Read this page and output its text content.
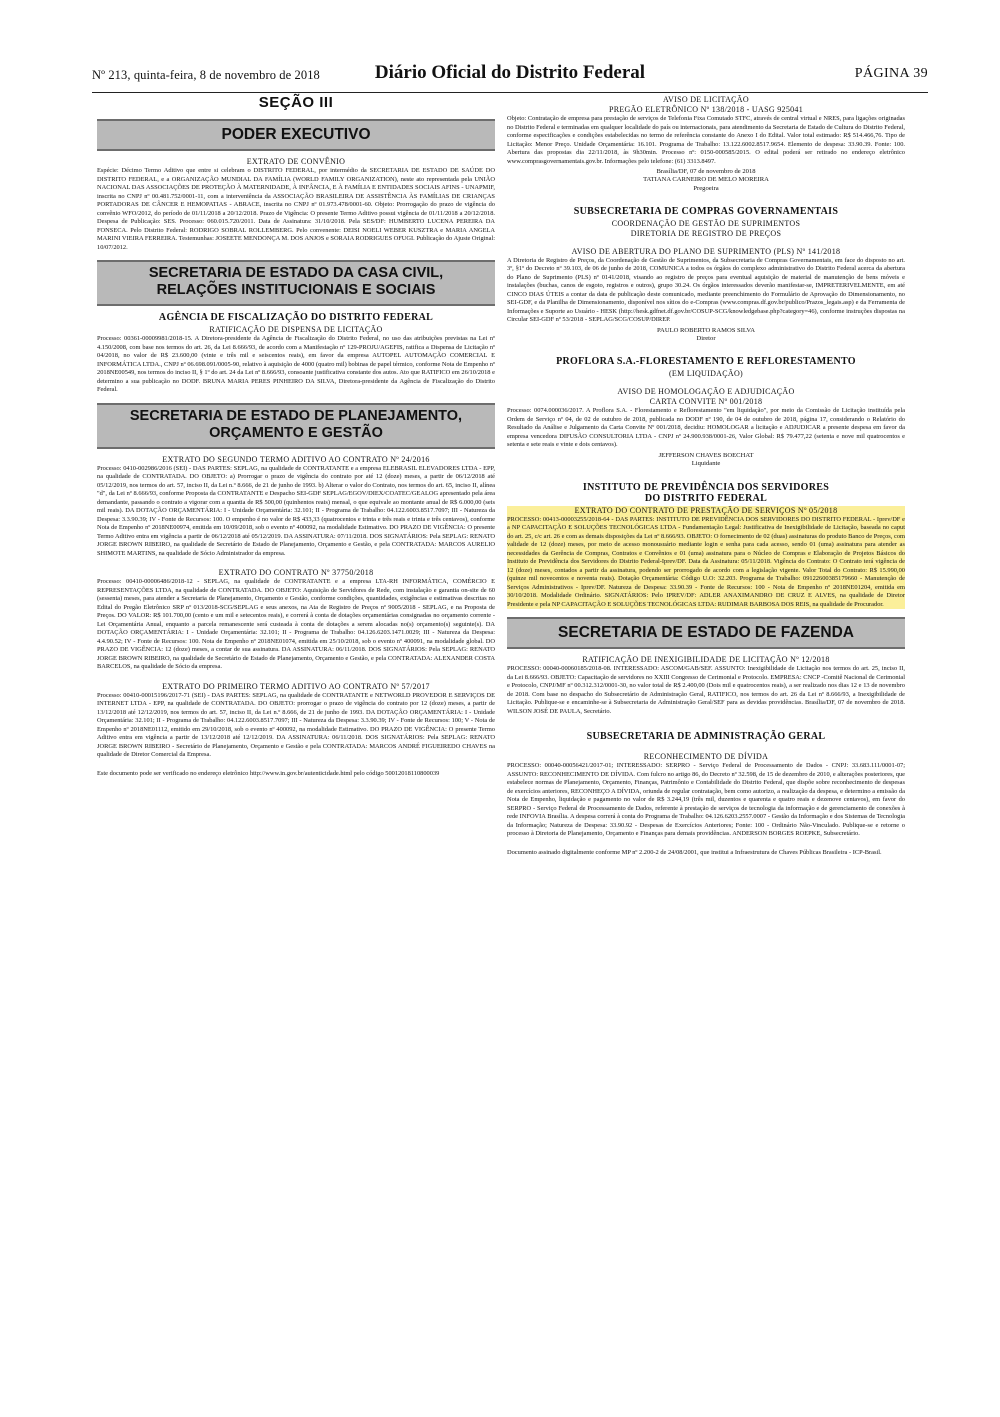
Nº 213, quinta-feira, 8 de novembro de 2018	Diário Oficial do Distrito Federal	PÁGINA 39
SEÇÃO III
PODER EXECUTIVO
EXTRATO DE CONVÊNIO

Espécie: Décimo Termo Aditivo que entre si celebram o DISTRITO FEDERAL, por intermédio da SECRETARIA DE ESTADO DE SAÚDE DO DISTRITO FEDERAL, e a ORGANIZAÇÃO MUNDIAL DA FAMÍLIA (WORLD FAMILY ORGANIZATION), neste ato representada pela UNIÃO NACIONAL DAS ASSOCIAÇÕES DE PROTEÇÃO À MATERNIDADE, À INFÂNCIA, E À FAMÍLIA E ENTIDADES SOCIAIS AFINS - UNAPMIF, inscrita no CNPJ nº 00.481.752/0001-11, com a interveniência da ASSOCIAÇÃO BRASILEIRA DE ASSISTÊNCIA ÀS FAMÍLIAS DE CRIANÇAS PORTADORAS DE CÂNCER E HEMOPATIAS - ABRACE, inscrita no CNPJ nº 01.973.478/0001-60. Objeto: Prorrogação do prazo de vigência do convênio WFO/2012, do período de 01/11/2018 a 20/12/2018. Prazo de Vigência: O presente Termo Aditivo possui vigência de 01/11/2018 a 20/12/2018. Despesa de Publicação: SES. Processo: 060.015.720/2011. Data de Assinatura: 31/10/2018. Pela SES/DF: HUMBERTO LUCENA PEREIRA DA FONSECA. Pelo Distrito Federal: RODRIGO SOBRAL ROLLEMBERG. Pelo convenente: DEISI NOELI WEBER KUSZTRA e MARIA ANGELA MARINI VIEIRA FERREIRA. Testemunhas: JOSEETE MENDONÇA M. DOS ANJOS e SORAIA RODRIGUES OFUGI. Publicação do Ajuste Original: 10/07/2012.

SECRETARIA DE ESTADO DA CASA CIVIL,
RELAÇÕES INSTITUCIONAIS E SOCIAIS
AGÊNCIA DE FISCALIZAÇÃO DO DISTRITO FEDERAL
RATIFICAÇÃO DE DISPENSA DE LICITAÇÃO

Processo: 00361-00009981/2018-15. A Diretora-presidente da Agência de Fiscalização do Distrito Federal, no uso das atribuições previstas na Lei nº 4.150/2008, com base nos termos do art. 26, da Lei 8.666/93, de acordo com a Manifestação nº 129-PROJU/AGEFIS, ratifica a Dispensa de Licitação nº 04/2018, no valor de R$ 23.600,00 (vinte e três mil e seiscentos reais), em favor da empresa AUTOPEL AUTOMAÇÃO COMERCIAL E INFORMÁTICA LTDA., CNPJ nº 06.698.091/0005-90, relativo à aquisição de 4000 (quatro mil) bobinas de papel térmico, conforme Nota de Empenho nº 2018NE00549, nos termos do inciso II, § 1º do art. 24 da Lei nº 8.666/93, consoante justificativa constante dos autos. Ato que RATIFICO em 26/10/2018 e determino a sua publicação no DODF. BRUNA MARIA PERES PINHEIRO DA SILVA, Diretora-presidente da Agência de Fiscalização do Distrito Federal.

SECRETARIA DE ESTADO DE PLANEJAMENTO,
ORÇAMENTO E GESTÃO
EXTRATO DO SEGUNDO TERMO ADITIVO AO CONTRATO Nº 24/2016

Processo: 0410-002986/2016 (SEI) - DAS PARTES: SEPLAG, na qualidade de CONTRATANTE e a empresa ELEBRASIL ELEVADORES LTDA - EPP, na qualidade de CONTRATADA. DO OBJETO: a) Prorrogar o prazo de vigência do contrato por até 12 (doze) meses, a partir de 06/12/2018 até 05/12/2019, nos termos do art. 57, inciso II, da Lei n.º 8.666, de 21 de junho de 1993. b) Alterar o valor do Contrato, nos termos do art. 65, inciso II, alínea "d", da Lei nº 8.666/93, conforme Proposta da CONTRATANTE e Despacho SEI-GDF SEPLAG/EGOV/DIEX/COATEC/GEALOG apresentado pela área demandante, passando o contrato a vigorar com a quantia de R$ 500,00 (quinhentos reais) mensal, o que equivale ao montante anual de R$ 6.000,00 (seis mil reais). DA DOTAÇÃO ORÇAMENTÁRIA: I - Unidade Orçamentária: 32.101; II - Programa de Trabalho: 04.122.6003.8517.7097; III - Natureza da Despesa: 3.3.90.39; IV - Fonte de Recursos: 100. O empenho é no valor de R$ 433,33 (quatrocentos e trinta e três reais e trinta e três centavos), conforme Nota de Empenho nº 2018NE00974, emitida em 10/09/2018, sob o evento nº 400092, na modalidade Estimativo. DO PRAZO DE VIGÊNCIA: O presente Termo Aditivo entra em vigência a partir de 06/12/2018 até 05/12/2019. DA ASSINATURA: 07/11/2018. DOS SIGNATÁRIOS: Pela SEPLAG: RENATO JORGE BROWN RIBEIRO, na qualidade de Secretário de Estado de Planejamento, Orçamento e Gestão, e pela CONTRATADA: MARCOS AURELIO SHIMOTE MARTINS, na qualidade de Sócio Administrador da empresa.

EXTRATO DO CONTRATO Nº 37750/2018

Processo: 00410-00006486/2018-12 - SEPLAG, na qualidade de CONTRATANTE e a empresa LTA-RH INFORMÁTICA, COMÉRCIO E REPRESENTAÇÕES LTDA, na qualidade de CONTRATADA. DO OBJETO: Aquisição de Servidores de Rede, com instalação e garantia on-site de 60 (sessenta) meses, para atender a Secretaria de Planejamento, Orçamento e Gestão, conforme condições, quantidades, exigências e estimativas descritas no Edital do Pregão Eletrônico SRP nº 013/2018-SCG/SEPLAG e seus anexos, na Ata de Registro de Preços nº 9005/2018 - SEPLAG, e na Proposta de Preços. DO VALOR: R$ 101.700,00 (cento e um mil e setecentos reais), e correrá à conta de dotações orçamentárias consignadas no orçamento corrente - Lei Orçamentária Anual, enquanto a parcela remanescente será custeada à conta de dotações a serem alocadas no(s) orçamento(s) seguinte(s). DA DOTAÇÃO ORÇAMENTÁRIA: I - Unidade Orçamentária: 32.101; II - Programa de Trabalho: 04.126.6203.1471.0029; III - Natureza da Despesa: 4.4.90.52; IV - Fonte de Recursos: 100. Nota de Empenho nº 2018NE01074, emitida em 25/10/2018, sob o evento nº 400091, na modalidade global. DO PRAZO DE VIGÊNCIA: 12 (doze) meses, a contar de sua assinatura. DA ASSINATURA: 06/11/2018. DOS SIGNATÁRIOS: Pela SEPLAG: RENATO JORGE BROWN RIBEIRO, na qualidade de Secretário de Estado de Planejamento, Orçamento e Gestão, e pela CONTRATADA: ALEXANDER COSTA BARCELOS, na qualidade de Sócio da empresa.

EXTRATO DO PRIMEIRO TERMO ADITIVO AO CONTRATO Nº 57/2017

Processo: 00410-00015196/2017-71 (SEI) - DAS PARTES: SEPLAG, na qualidade de CONTRATANTE e NETWORLD PROVEDOR E SERVIÇOS DE INTERNET LTDA - EPP, na qualidade de CONTRATADA. DO OBJETO: prorrogar o prazo de vigência do contrato por 12 (doze) meses, a partir de 13/12/2018 até 12/12/2019, nos termos do art. 57, inciso II, da Lei n.º 8.666, de 21 de junho de 1993. DA DOTAÇÃO ORÇAMENTÁRIA: I - Unidade Orçamentária: 32.101; II - Programa de Trabalho: 04.122.6003.8517.7097; III - Natureza da Despesa: 3.3.90.39; IV - Fonte de Recursos: 100; V - Nota de Empenho nº 2018NE01112, emitido em 29/10/2018, sob o evento nº 400092, na modalidade Estimativo. DO PRAZO DE VIGÊNCIA: O presente Termo Aditivo entra em vigência a partir de 13/12/2018 até 12/12/2019. DA ASSINATURA: 06/11/2018. DOS SIGNATÁRIOS: Pela SEPLAG: RENATO JORGE BROWN RIBEIRO - Secretário de Planejamento, Orçamento e Gestão e pela CONTRATADA: MARCOS ANDRÉ FIGUEIREDO CHAVES na qualidade de Diretor Comercial da Empresa.

Este documento pode ser verificado no endereço eletrônico http://www.in.gov.br/autenticidade.html pelo código 50012018110800039

AVISO DE LICITAÇÃO
PREGÃO ELETRÔNICO Nº 138/2018 - UASG 925041

Objeto: Contratação de empresa para prestação de serviços de Telefonia Fixa Comutado STFC, através de central virtual e NRES, para ligações originadas no Distrito Federal e terminadas em qualquer localidade do país ou internacionais, para atendimento da Secretaria de Estado de Cultura do Distrito Federal, conforme especificações e condições estabelecidas no termo de referência constante do Anexo I do Edital. Valor total estimado: R$ 514.466,76. Tipo de Licitação: Menor Preço. Unidade Orçamentária: 16.101. Programa de Trabalho: 13.122.6002.8517.9654. Elemento de despesa: 33.90.39. Fonte: 100. Abertura das propostas dia 22/11/2018, às 9h30min. Processo nº: 0150-000585/2015. O edital poderá ser retirado no endereço eletrônico www.comprasgovernamentais.gov.br. Informações pelo telefone: (61) 3313.8497.

Brasília/DF, 07 de novembro de 2018

TATIANA CARNEIRO DE MELO MOREIRA

Pregoeira

SUBSECRETARIA DE COMPRAS GOVERNAMENTAIS
COORDENAÇÃO DE GESTÃO DE SUPRIMENTOS
DIRETORIA DE REGISTRO DE PREÇOS
AVISO DE ABERTURA DO PLANO DE SUPRIMENTO (PLS) Nº 141/2018

A Diretoria de Registro de Preços, da Coordenação de Gestão de Suprimentos, da Subsecretaria de Compras Governamentais, em face do disposto no art. 3º, §1º do Decreto nº 39.103, de 06 de junho de 2018, COMUNICA a todos os órgãos do complexo administrativo do Distrito Federal acerca da abertura do Plano de Suprimento (PLS) nº 0141/2018, visando ao registro de preços para eventual aquisição de material de manutenção de bens móveis e instalações (buchas, canos de esgoto, registros e outros), grupo 30.24. Os órgãos interessados deverão manifestar-se, IMPRETERIVELMENTE, em até CINCO DIAS ÚTEIS a contar da data de publicação deste comunicado, mediante preenchimento do Formulário de Aprovação do Dimensionamento, no SEI-GDF, e da Planilha de Dimensionamento, disponível nos sítios do e-Compras (www.compras.df.gov.br/publico/Prazos_legais.asp) e da Ferramenta de Informações e Suporte ao Usuário - HESK (http://hesk.gdfnet.df.gov.br/COSUP-SCG/knowledgebase.php?category=46), conforme instruções dispostas na Circular SEI-GDF nº 53/2018 - SEPLAG/SCG/COSUP/DIREP.

PAULO ROBERTO RAMOS SILVA

Diretor

PROFLORA S.A.-FLORESTAMENTO E REFLORESTAMENTO
(EM LIQUIDAÇÃO)
AVISO DE HOMOLOGAÇÃO E ADJUDICAÇÃO
CARTA CONVITE Nº 001/2018

Processo: 0074.000036/2017. A Proflora S.A. - Florestamento e Reflorestamento "em liquidação", por meio da Comissão de Licitação instituída pela Ordem de Serviço nº 04, de 02 de outubro de 2018, publicada no DODF nº 190, de 04 de outubro de 2018, página 17, considerando o Relatório do Resultado da Análise e Julgamento da Carta Convite Nº 001/2018, decidiu: HOMOLOGAR a licitação e ADJUDICAR a presente despesa em favor da empresa vencedora DIFUSÃO CONSULTORIA LTDA - CNPJ nº 24.900.938/0001-26, Valor Global: R$ 79.477,22 (setenta e nove mil quatrocentos e setenta e sete reais e vinte e dois centavos).

JEFFERSON CHAVES BOECHAT

Liquidante

INSTITUTO DE PREVIDÊNCIA DOS SERVIDORES
DO DISTRITO FEDERAL
EXTRATO DO CONTRATO DE PRESTAÇÃO DE SERVIÇOS Nº 05/2018

PROCESSO: 00413-00003255/2018-64 - DAS PARTES: INSTITUTO DE PREVIDÊNCIA DOS SERVIDORES DO DISTRITO FEDERAL - Iprev/DF e a NP CAPACITAÇÃO E SOLUÇÕES TECNOLÓGICAS LTDA - Fundamentação Legal: Justificativa de Inexigibilidade de Licitação, baseada no caput do art. 25, c/c art. 26 e com as demais disposições da Lei nº 8.666/93. OBJETO: O fornecimento de 02 (duas) assinaturas do produto Banco de Preços, com validade de 12 (doze) meses, por meio de acesso monousuário mediante login e senha para cada acesso, sendo 01 (uma) assinatura para atender as necessidades da Gerência de Compras, Contratos e Convênios e 01 (uma) assinatura para o Núcleo de Compras e Elaboração de Projetos Básicos do Instituto de Previdência dos Servidores do Distrito Federal-Iprev/DF. Data da Assinatura: 05/11/2018. Vigência do Contrato: O Contrato terá vigência de 12 (doze) meses, contados a partir da assinatura, podendo ser prorrogado de acordo com a legislação vigente. Valor Total do Contrato: R$ 15.990,00 (quinze mil novecentos e noventa reais). Dotação Orçamentária: Código U.O: 32.203. Programa de Trabalho: 09122600385179660 - Manutenção de Serviços Administrativos - Iprev/DF. Natureza de Despesa: 33.90.39 - Fonte de Recursos: 100 - Nota de Empenho nº 2018NE01204, emitida em 30/10/2018. Modalidade Ordinário. SIGNATÁRIOS: Pelo IPREV/DF: ADLER ANAXIMANDRO DE CRUZ E ALVES, na qualidade de Diretor Presidente e pela NP CAPACITAÇÃO E SOLUÇÕES TECNOLÓGICAS LTDA: RUDIMAR BARBOSA DOS REIS, na qualidade de Procurador.

SECRETARIA DE ESTADO DE FAZENDA
RATIFICAÇÃO DE INEXIGIBILIDADE DE LICITAÇÃO Nº 12/2018

PROCESSO: 00040-00060185/2018-08. INTERESSADO: ASCOM/GAB/SEF. ASSUNTO: Inexigibilidade de Licitação nos termos do art. 25, inciso II, da Lei 8.666/93. OBJETO: Capacitação de servidores no XXIII Congresso de Cerimonial e Protocolo. EMPRESA: CNCP -Comitê Nacional de Cerimonial e Protocolo, CNPJ/MF nº 00.312.312/0001-30, no valor total de R$ 2.400,00 (Dois mil e quatrocentos reais), a ser realizado nos dias 12 e 13 de novembro de 2018. Com base no despacho do Subsecretário de Administração Geral, RATIFICO, nos termos do art. 26 da Lei nº 8.666/93, a Inexigibilidade de Licitação. Publique-se e encaminhe-se à Subsecretaria de Administração Geral/SEF para as devidas providências. Brasília/DF, 07 de novembro de 2018. WILSON JOSÉ DE PAULA, Secretário.

SUBSECRETARIA DE ADMINISTRAÇÃO GERAL
RECONHECIMENTO DE DÍVIDA

PROCESSO: 00040-00056421/2017-01; INTERESSADO: SERPRO - Serviço Federal de Processamento de Dados - CNPJ: 33.683.111/0001-07; ASSUNTO: RECONHECIMENTO DE DÍVIDA. Com fulcro no artigo 86, do Decreto nº 32.598, de 15 de dezembro de 2010, e alterações posteriores, que estabelece normas de Planejamento, Orçamento, Finanças, Patrimônio e Contabilidade do Distrito Federal, que dispõe sobre reconhecimento de despesas de exercícios anteriores, RECONHEÇO A DÍVIDA, oriunda de regular contratação, bem como autorizo, a realização da despesa, e determino a emissão da Nota de Empenho, liquidação e pagamento no valor de R$ 3.244,19 (três mil, duzentos e quarenta e quatro reais e dezenove centavos), em favor do SERPRO - Serviço Federal de Processamento de Dados, referente à prestação de serviços de tecnologia da informação e de gerenciamento de conexões à rede INFOVIA Brasília. A despesa correrá à conta do Programa de Trabalho: 04.126.6203.2557.0007 - Gestão da Informação e dos Sistemas de Tecnologia da Informação; Natureza de Despesa: 33.90.92 - Despesas de Exercícios Anteriores; Fonte: 100 - Ordinário Não-Vinculado. Publique-se e retorne o processo à Diretoria de Planejamento, Orçamento e Finanças para demais providências. ANDERSON BORGES ROEPKE, Subsecretário.

Documento assinado digitalmente conforme MP nº 2.200-2 de 24/08/2001, que institui a Infraestrutura de Chaves Públicas Brasileira - ICP-Brasil.
